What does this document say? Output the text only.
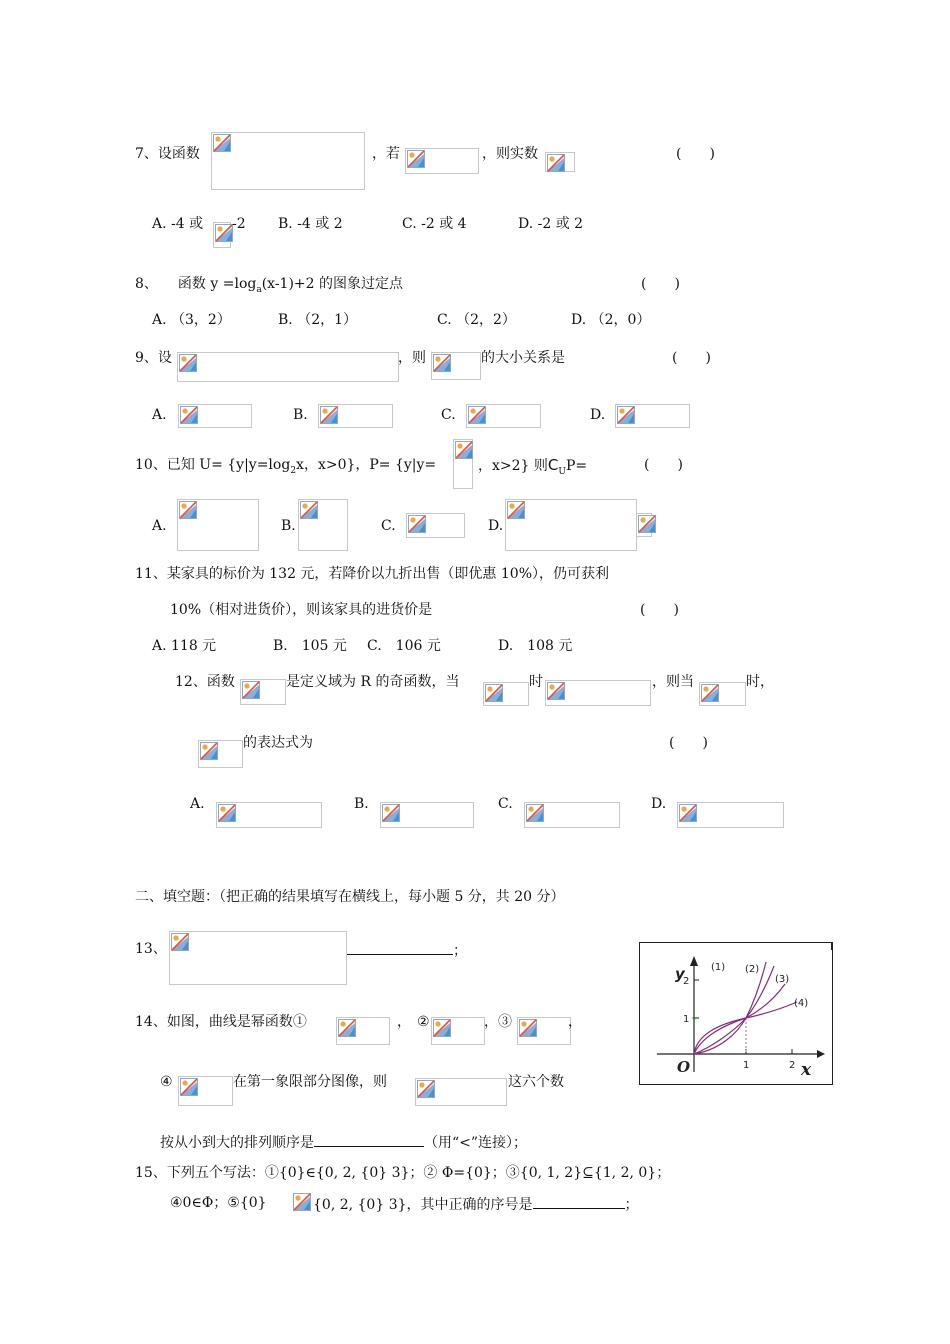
7、设函数	，若	，则实数	(　　)
A. -4 或 -2 B. -4 或 2	C. -2 或 4	D. -2 或 2
8、 函数 $y =\log_a(x-1)+2$ 的图象过定点	(　　)
A. （3，2）	B. （2，1）	C. （2，2）	D. （2，0）
9、设	，则	的大小关系是	(　　)
A.	B.	C.	D.
10、已知 $U= \{y|y=\log_2x$，x>0}，P= {y|y=	，x>2} 则$C_UP=$	(　　)
A.	B.	C.	D.
11、某家具的标价为 132 元，若降价以九折出售（即优惠 10%），仍可获利
10%（相对进货价），则该家具的进货价是	(　　)
A. 118 元	B.　105 元 C.　106 元	D.　108 元
12、函数	是定义域为 R 的奇函数，当	时	，则当	时，
的表达式为	(　　)
A.	B.	C.	D.
二、填空题：（把正确的结果填写在横线上，每小题 5 分，共 20 分）
13、	；
14、如图，曲线是幂函数①	， ②	，③	，
④	在第一象限部分图像，则	这六个数
按从小到大的排列顺序是	（用“<”连接）；
15、下列五个写法：①{0}∈{0, 2, {0} 3}；② Φ={0}；③{0, 1, 2}⊆{1, 2, 0}；
④0∈Φ；⑤{0}	{0, 2, {0} 3}，其中正确的序号是	；
y
x
O	1	2
1
2
(1) (2)
(3)
(4)
